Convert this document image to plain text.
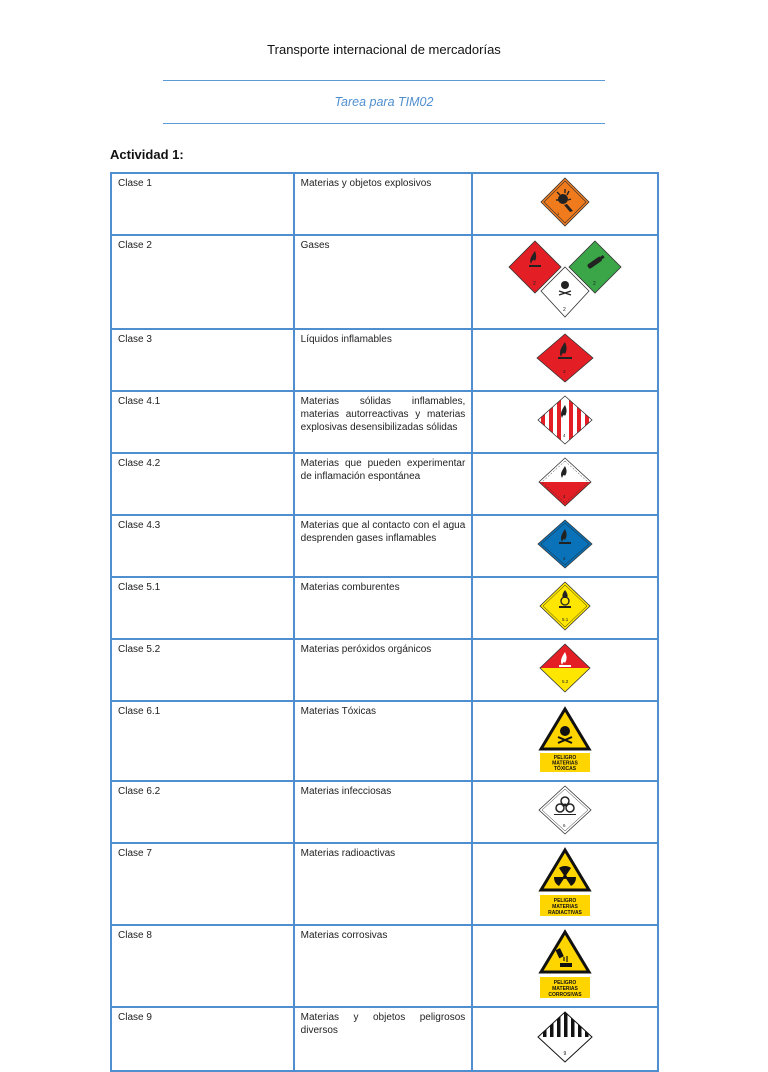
Transporte internacional de mercadorías
Tarea para TIM02
Actividad 1:
Clase 1	Materias y objetos explosivos	1

Clase 2	Gases	2 2
2

Clase 3	Líquidos inflamables	3

Clase 4.1	Materias sólidas inflamables, materias autorreactivas y materias explosivas desensibilizadas sólidas	4

Clase 4.2	Materias que pueden experimentar de inflamación espontánea	4

Clase 4.3	Materias que al contacto con el agua desprenden gases inflamables	4

Clase 5.1	Materias comburentes	5.1

Clase 5.2	Materias peróxidos orgánicos	5.2

Clase 6.1	Materias Tóxicas	PELIGRO
MATERIAS
TÓXICAS

Clase 6.2	Materias infecciosas	6

Clase 7	Materias radioactivas	PELIGRO
MATERIAS
RADIACTIVAS

Clase 8	Materias corrosivas	PELIGRO
MATERIAS
CORROSIVAS

Clase 9	Materias y objetos peligrosos diversos	9
